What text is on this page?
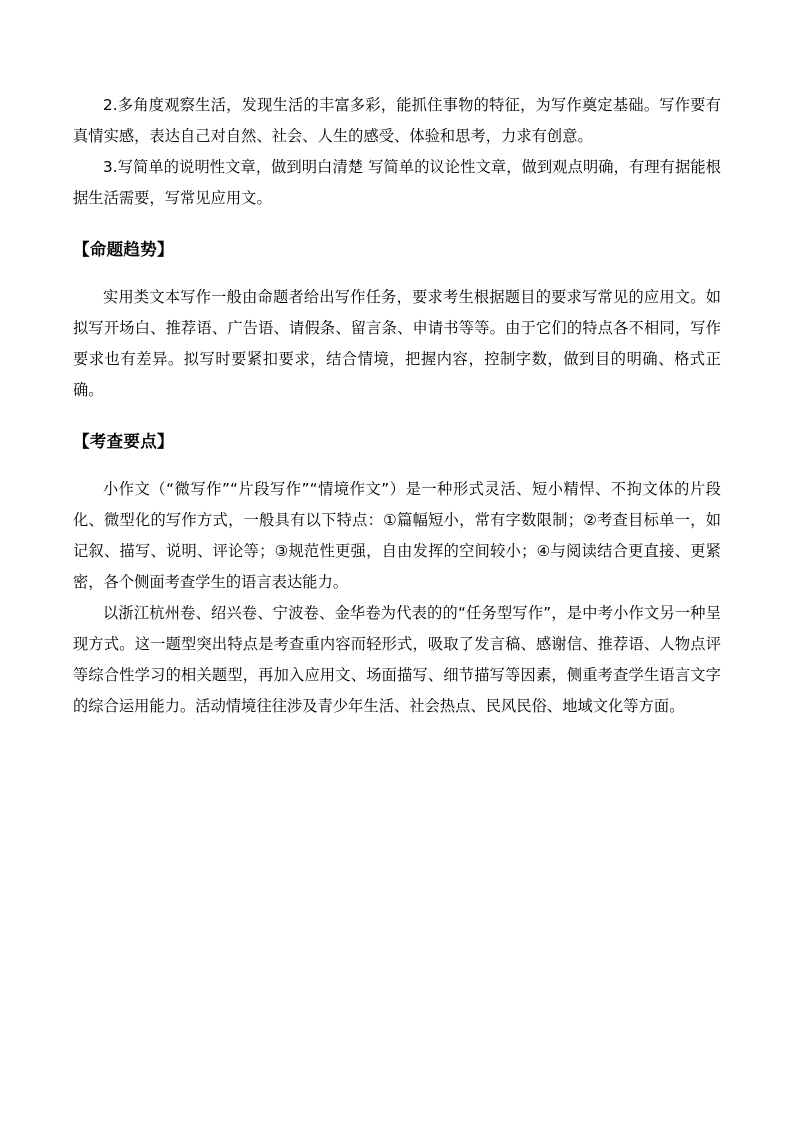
2.多角度观察生活，发现生活的丰富多彩，能抓住事物的特征，为写作奠定基础。写作要有真情实感，表达自己对自然、社会、人生的感受、体验和思考，力求有创意。

3.写简单的说明性文章，做到明白清楚 写简单的议论性文章，做到观点明确，有理有据能根据生活需要，写常见应用文。

【命题趋势】

实用类文本写作一般由命题者给出写作任务，要求考生根据题目的要求写常见的应用文。如拟写开场白、推荐语、广告语、请假条、留言条、申请书等等。由于它们的特点各不相同，写作要求也有差异。拟写时要紧扣要求，结合情境，把握内容，控制字数，做到目的明确、格式正确。

【考查要点】

小作文（“微写作”“片段写作”“情境作文”）是一种形式灵活、短小精悍、不拘文体的片段化、微型化的写作方式，一般具有以下特点：①篇幅短小，常有字数限制；②考查目标单一，如记叙、描写、说明、评论等；③规范性更强，自由发挥的空间较小；④与阅读结合更直接、更紧密，各个侧面考查学生的语言表达能力。

以浙江杭州卷、绍兴卷、宁波卷、金华卷为代表的的“任务型写作”，是中考小作文另一种呈现方式。这一题型突出特点是考查重内容而轻形式，吸取了发言稿、感谢信、推荐语、人物点评等综合性学习的相关题型，再加入应用文、场面描写、细节描写等因素，侧重考查学生语言文字的综合运用能力。活动情境往往涉及青少年生活、社会热点、民风民俗、地域文化等方面。
